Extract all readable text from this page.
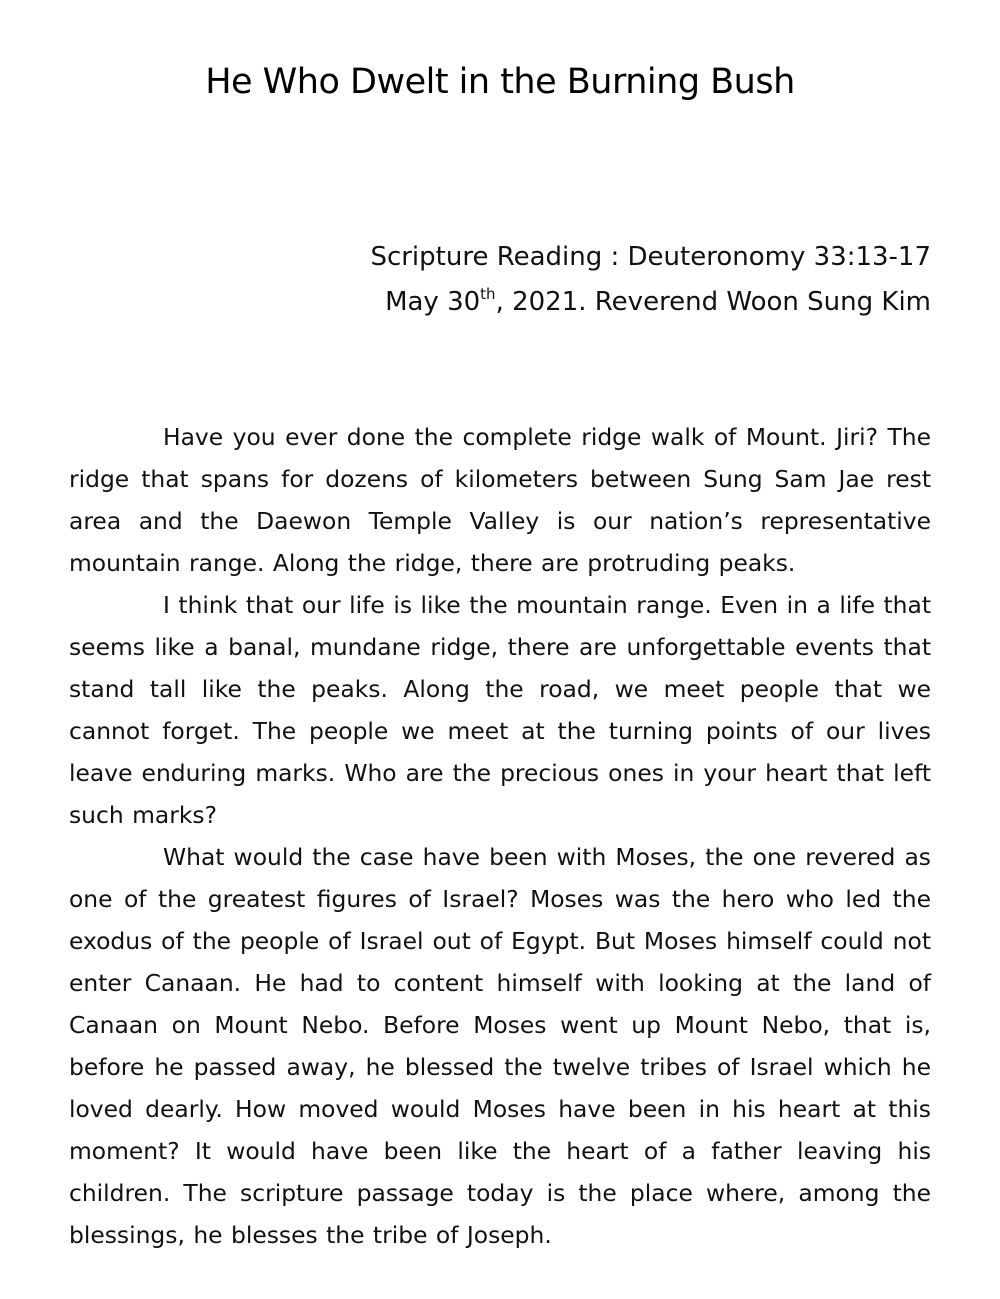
He Who Dwelt in the Burning Bush
Scripture Reading : Deuteronomy 33:13-17
May 30th, 2021. Reverend Woon Sung Kim

Have you ever done the complete ridge walk of Mount. Jiri? The ridge that spans for dozens of kilometers between Sung Sam Jae rest area and the Daewon Temple Valley is our nation’s representative mountain range. Along the ridge, there are protruding peaks.

I think that our life is like the mountain range. Even in a life that seems like a banal, mundane ridge, there are unforgettable events that stand tall like the peaks. Along the road, we meet people that we cannot forget. The people we meet at the turning points of our lives leave enduring marks. Who are the precious ones in your heart that left such marks?

What would the case have been with Moses, the one revered as one of the greatest figures of Israel? Moses was the hero who led the exodus of the people of Israel out of Egypt. But Moses himself could not enter Canaan. He had to content himself with looking at the land of Canaan on Mount Nebo. Before Moses went up Mount Nebo, that is, before he passed away, he blessed the twelve tribes of Israel which he loved dearly. How moved would Moses have been in his heart at this moment? It would have been like the heart of a father leaving his children. The scripture passage today is the place where, among the blessings, he blesses the tribe of Joseph.
